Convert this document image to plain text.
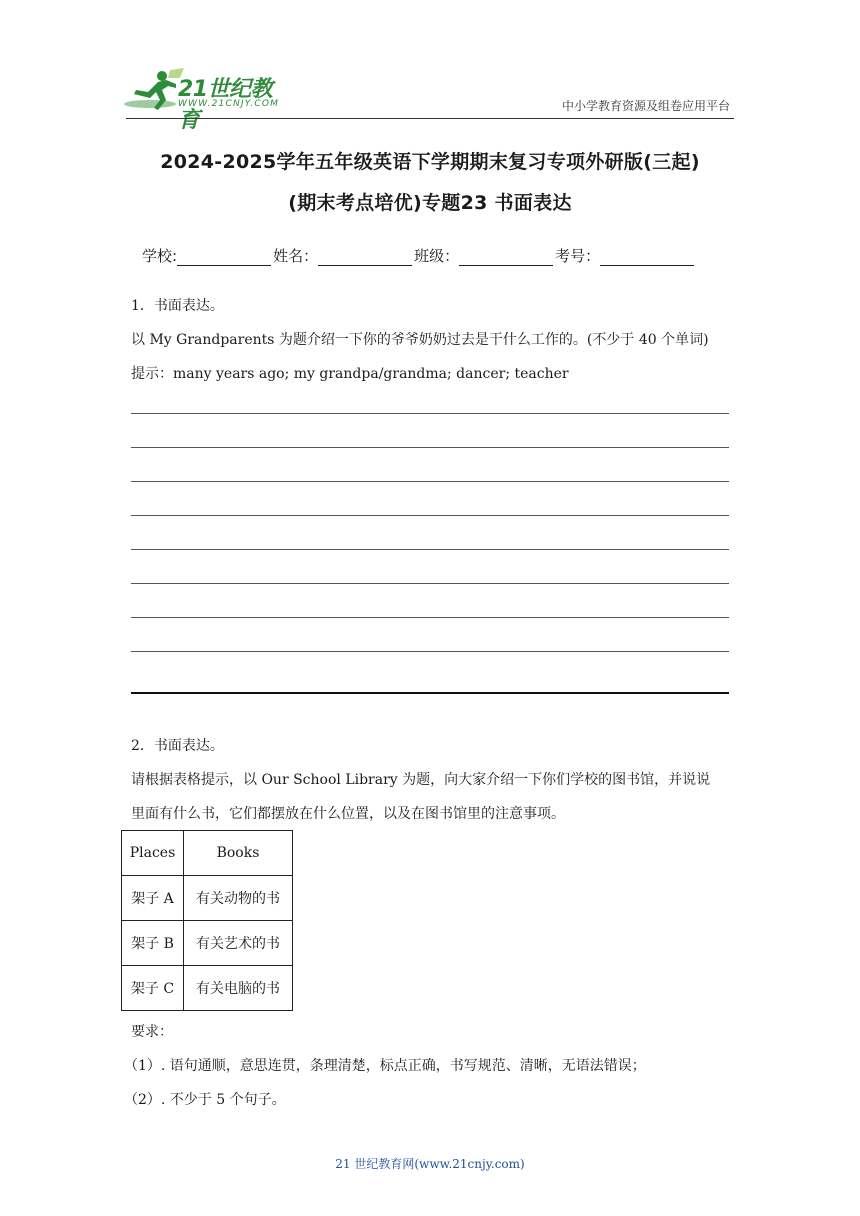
21世纪教育
WWW.21CNJY.COM	中小学教育资源及组卷应用平台
2024-2025学年五年级英语下学期期末复习专项外研版(三起)
(期末考点培优)专题23 书面表达
学校:	姓名：	班级：	考号：
1．书面表达。
以 My Grandparents 为题介绍一下你的爷爷奶奶过去是干什么工作的。(不少于 40 个单词)
提示：many years ago; my grandpa/grandma; dancer; teacher
2．书面表达。
请根据表格提示，以 Our School Library 为题，向大家介绍一下你们学校的图书馆，并说说
里面有什么书，它们都摆放在什么位置，以及在图书馆里的注意事项。
Places	Books
架子 A	有关动物的书
架子 B	有关艺术的书
架子 C	有关电脑的书
要求：
（1）. 语句通顺，意思连贯，条理清楚，标点正确，书写规范、清晰，无语法错误；
（2）. 不少于 5 个句子。
21 世纪教育网(www.21cnjy.com)
